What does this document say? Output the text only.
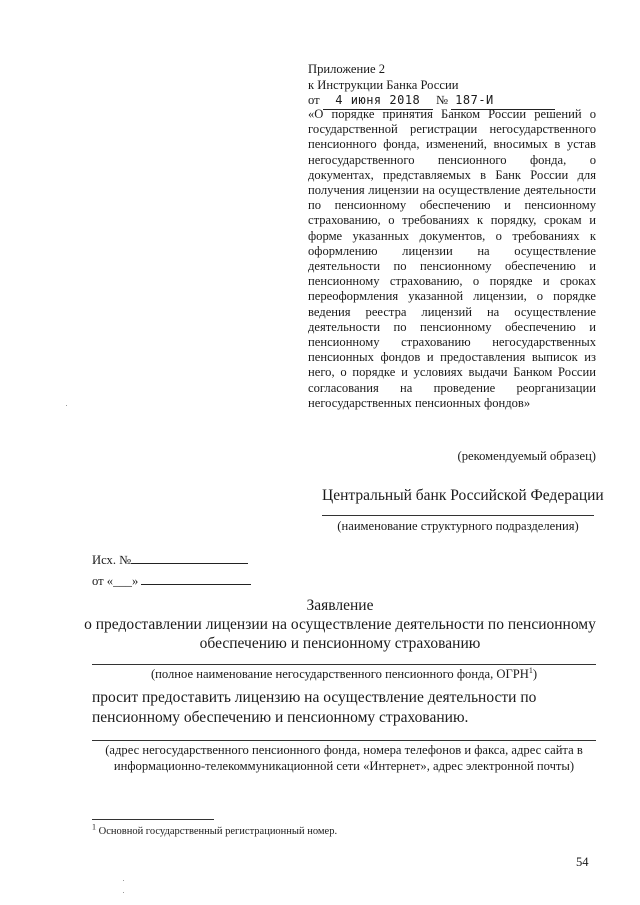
Приложение 2
к Инструкции Банка России
от 4 июня 2018 № 187-И
«О порядке принятия Банком России решений о государственной регистрации негосударственного пенсионного фонда, изменений, вносимых в устав негосударственного пенсионного фонда, о документах, представляемых в Банк России для получения лицензии на осуществление деятельности по пенсионному обеспечению и пенсионному страхованию, о требованиях к порядку, срокам и форме указанных документов, о требованиях к оформлению лицензии на осуществление деятельности по пенсионному обеспечению и пенсионному страхованию, о порядке и сроках переоформления указанной лицензии, о порядке ведения реестра лицензий на осуществление деятельности по пенсионному обеспечению и пенсионному страхованию негосударственных пенсионных фондов и предоставления выписок из него, о порядке и условиях выдачи Банком России согласования на проведение реорганизации негосударственных пенсионных фондов»
(рекомендуемый образец)
Центральный банк Российской Федерации
(наименование структурного подразделения)
Исх. №
от «___»
Заявление
о предоставлении лицензии на осуществление деятельности по пенсионному
обеспечению и пенсионному страхованию
(полное наименование негосударственного пенсионного фонда, ОГРН$^1$)
просит предоставить лицензию на осуществление деятельности по пенсионному обеспечению и пенсионному страхованию.
(адрес негосударственного пенсионного фонда, номера телефонов и факса, адрес сайта в
информационно-телекоммуникационной сети «Интернет», адрес электронной почты)
$^1$ Основной государственный регистрационный номер.
54
